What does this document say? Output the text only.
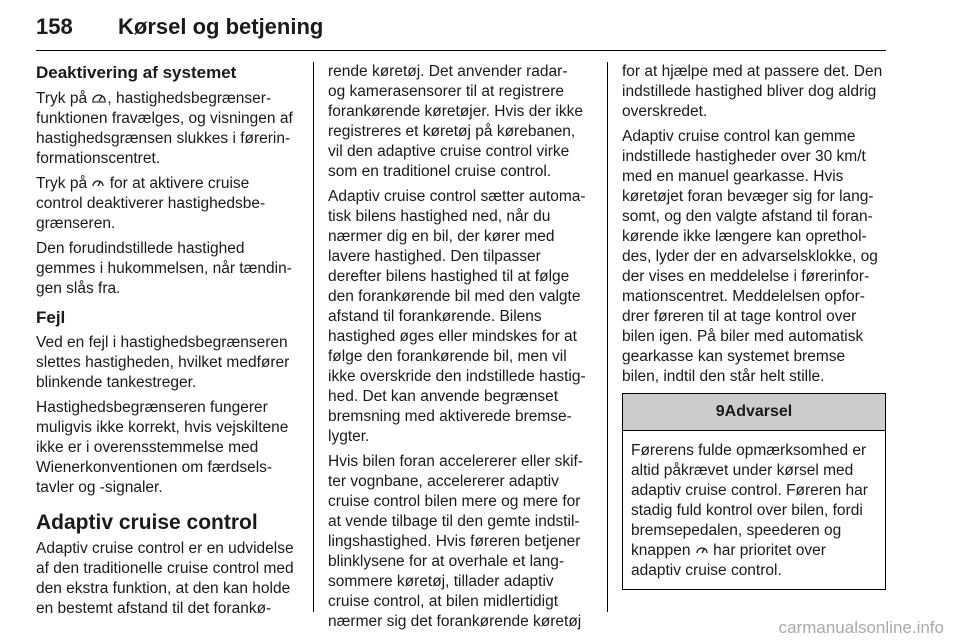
158 Kørsel og betjening
Deaktivering af systemet
Tryk på , hastighedsbegrænser-
funktionen fravælges, og visningen af
hastighedsgrænsen slukkes i førerin-
formationscentret.
Tryk på  for at aktivere cruise
control deaktiverer hastighedsbe-
grænseren.
Den forudindstillede hastighed
gemmes i hukommelsen, når tændin-
gen slås fra.
Fejl
Ved en fejl i hastighedsbegrænseren
slettes hastigheden, hvilket medfører
blinkende tankestreger.
Hastighedsbegrænseren fungerer
muligvis ikke korrekt, hvis vejskiltene
ikke er i overensstemmelse med
Wienerkonventionen om færdsels-
tavler og -signaler.
Adaptiv cruise control
Adaptiv cruise control er en udvidelse
af den traditionelle cruise control med
den ekstra funktion, at den kan holde
en bestemt afstand til det forankø-
rende køretøj. Det anvender radar-
og kamerasensorer til at registrere
forankørende køretøjer. Hvis der ikke
registreres et køretøj på kørebanen,
vil den adaptive cruise control virke
som en traditionel cruise control.
Adaptiv cruise control sætter automa-
tisk bilens hastighed ned, når du
nærmer dig en bil, der kører med
lavere hastighed. Den tilpasser
derefter bilens hastighed til at følge
den forankørende bil med den valgte
afstand til forankørende. Bilens
hastighed øges eller mindskes for at
følge den forankørende bil, men vil
ikke overskride den indstillede hastig-
hed. Det kan anvende begrænset
bremsning med aktiverede bremse-
lygter.
Hvis bilen foran accelererer eller skif-
ter vognbane, accelererer adaptiv
cruise control bilen mere og mere for
at vende tilbage til den gemte indstil-
lingshastighed. Hvis føreren betjener
blinklysene for at overhale et lang-
sommere køretøj, tillader adaptiv
cruise control, at bilen midlertidigt
nærmer sig det forankørende køretøj
for at hjælpe med at passere det. Den
indstillede hastighed bliver dog aldrig
overskredet.
Adaptiv cruise control kan gemme
indstillede hastigheder over 30 km/t
med en manuel gearkasse. Hvis
køretøjet foran bevæger sig for lang-
somt, og den valgte afstand til foran-
kørende ikke længere kan oprethol-
des, lyder der en advarselsklokke, og
der vises en meddelelse i førerinfor-
mationscentret. Meddelelsen opfor-
drer føreren til at tage kontrol over
bilen igen. På biler med automatisk
gearkasse kan systemet bremse
bilen, indtil den står helt stille.
9Advarsel
Førerens fulde opmærksomhed er
altid påkrævet under kørsel med
adaptiv cruise control. Føreren har
stadig fuld kontrol over bilen, fordi
bremsepedalen, speederen og
knappen  har prioritet over
adaptiv cruise control.
carmanualsonline.info
